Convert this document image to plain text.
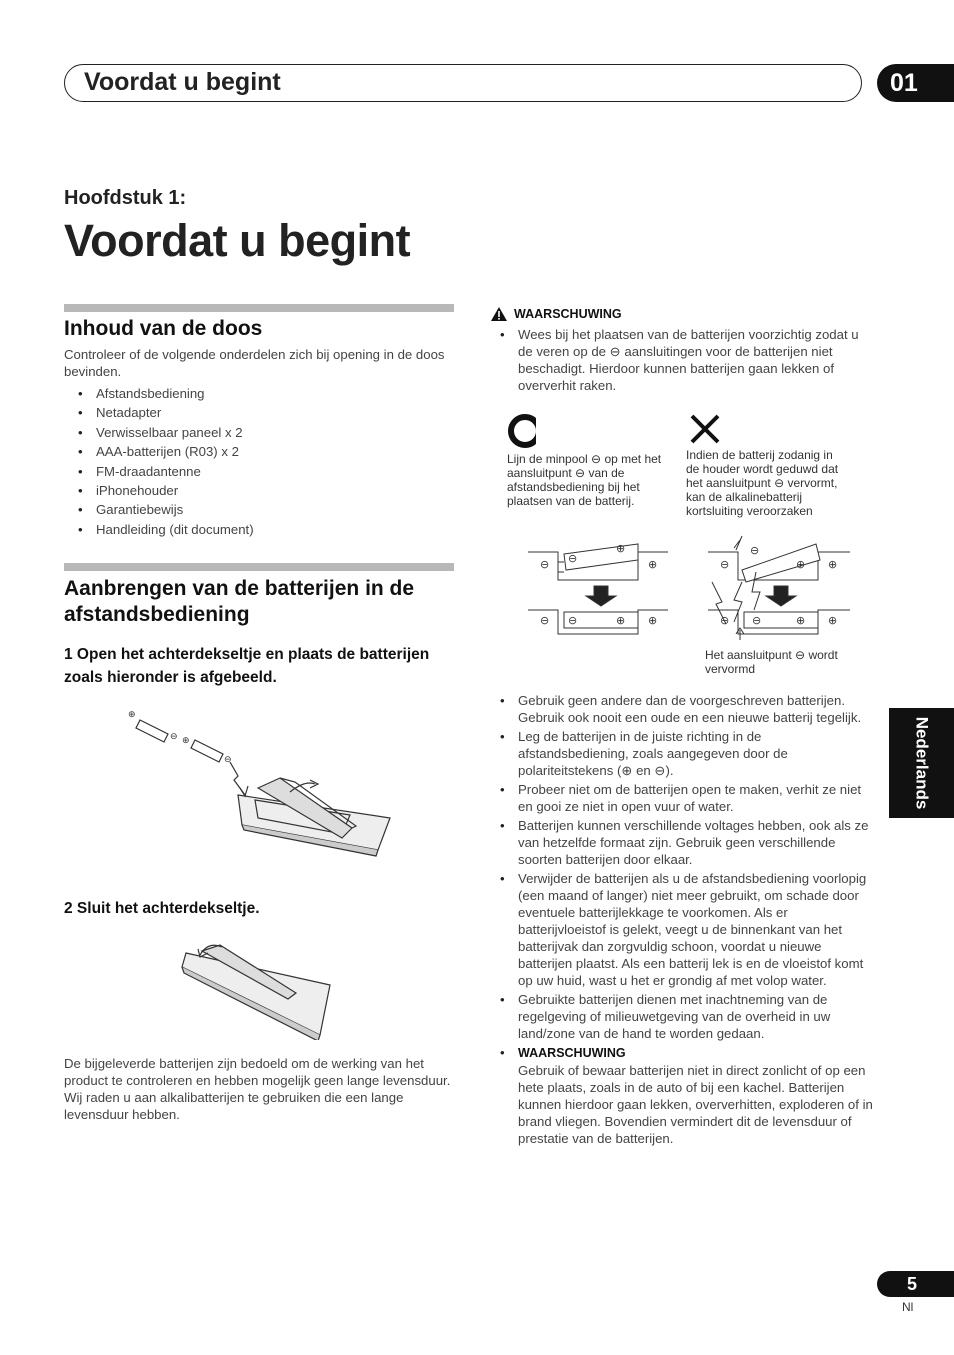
Voordat u begint	01
Hoofdstuk 1:
Voordat u begint
Inhoud van de doos
Controleer of de volgende onderdelen zich bij opening in de doos bevinden.
• Afstandsbediening
• Netadapter
• Verwisselbaar paneel x 2
• AAA-batterijen (R03) x 2
• FM-draadantenne
• iPhonehouder
• Garantiebewijs
• Handleiding (dit document)
Aanbrengen van de batterijen in de afstandsbediening
1 Open het achterdekseltje en plaats de batterijen zoals hieronder is afgebeeld.
⊕
⊖ ⊕
⊖
2 Sluit het achterdekseltje.
De bijgeleverde batterijen zijn bedoeld om de werking van het product te controleren en hebben mogelijk geen lange levensduur. Wij raden u aan alkalibatterijen te gebruiken die een lange levensduur hebben.
WAARSCHUWING
• Wees bij het plaatsen van de batterijen voorzichtig zodat u de veren op de ⊖ aansluitingen voor de batterijen niet beschadigt. Hierdoor kunnen batterijen gaan lekken of oververhit raken.
Lijn de minpool ⊖ op met het aansluitpunt ⊖ van de afstandsbediening bij het plaatsen van de batterij.
Indien de batterij zodanig in de houder wordt geduwd dat het aansluitpunt ⊖ vervormt, kan de alkalinebatterij kortsluiting veroorzaken
⊖ ⊖
⊕
⊕
⊖ ⊖	⊕ ⊕
⊖
⊖
⊕ ⊕
⊖ ⊖	⊕ ⊕
Het aansluitpunt ⊖ wordt vervormd
• Gebruik geen andere dan de voorgeschreven batterijen. Gebruik ook nooit een oude en een nieuwe batterij tegelijk.
• Leg de batterijen in de juiste richting in de afstandsbediening, zoals aangegeven door de polariteitstekens (⊕ en ⊖).
• Probeer niet om de batterijen open te maken, verhit ze niet en gooi ze niet in open vuur of water.
• Batterijen kunnen verschillende voltages hebben, ook als ze van hetzelfde formaat zijn. Gebruik geen verschillende soorten batterijen door elkaar.
• Verwijder de batterijen als u de afstandsbediening voorlopig (een maand of langer) niet meer gebruikt, om schade door eventuele batterijlekkage te voorkomen. Als er batterijvloeistof is gelekt, veegt u de binnenkant van het batterijvak dan zorgvuldig schoon, voordat u nieuwe batterijen plaatst. Als een batterij lek is en de vloeistof komt op uw huid, wast u het er grondig af met volop water.
• Gebruikte batterijen dienen met inachtneming van de regelgeving of milieuwetgeving van de overheid in uw land/zone van de hand te worden gedaan.
• WAARSCHUWING
Gebruik of bewaar batterijen niet in direct zonlicht of op een hete plaats, zoals in de auto of bij een kachel. Batterijen kunnen hierdoor gaan lekken, oververhitten, exploderen of in brand vliegen. Bovendien vermindert dit de levensduur of prestatie van de batterijen.
Nederlands
5
Nl
